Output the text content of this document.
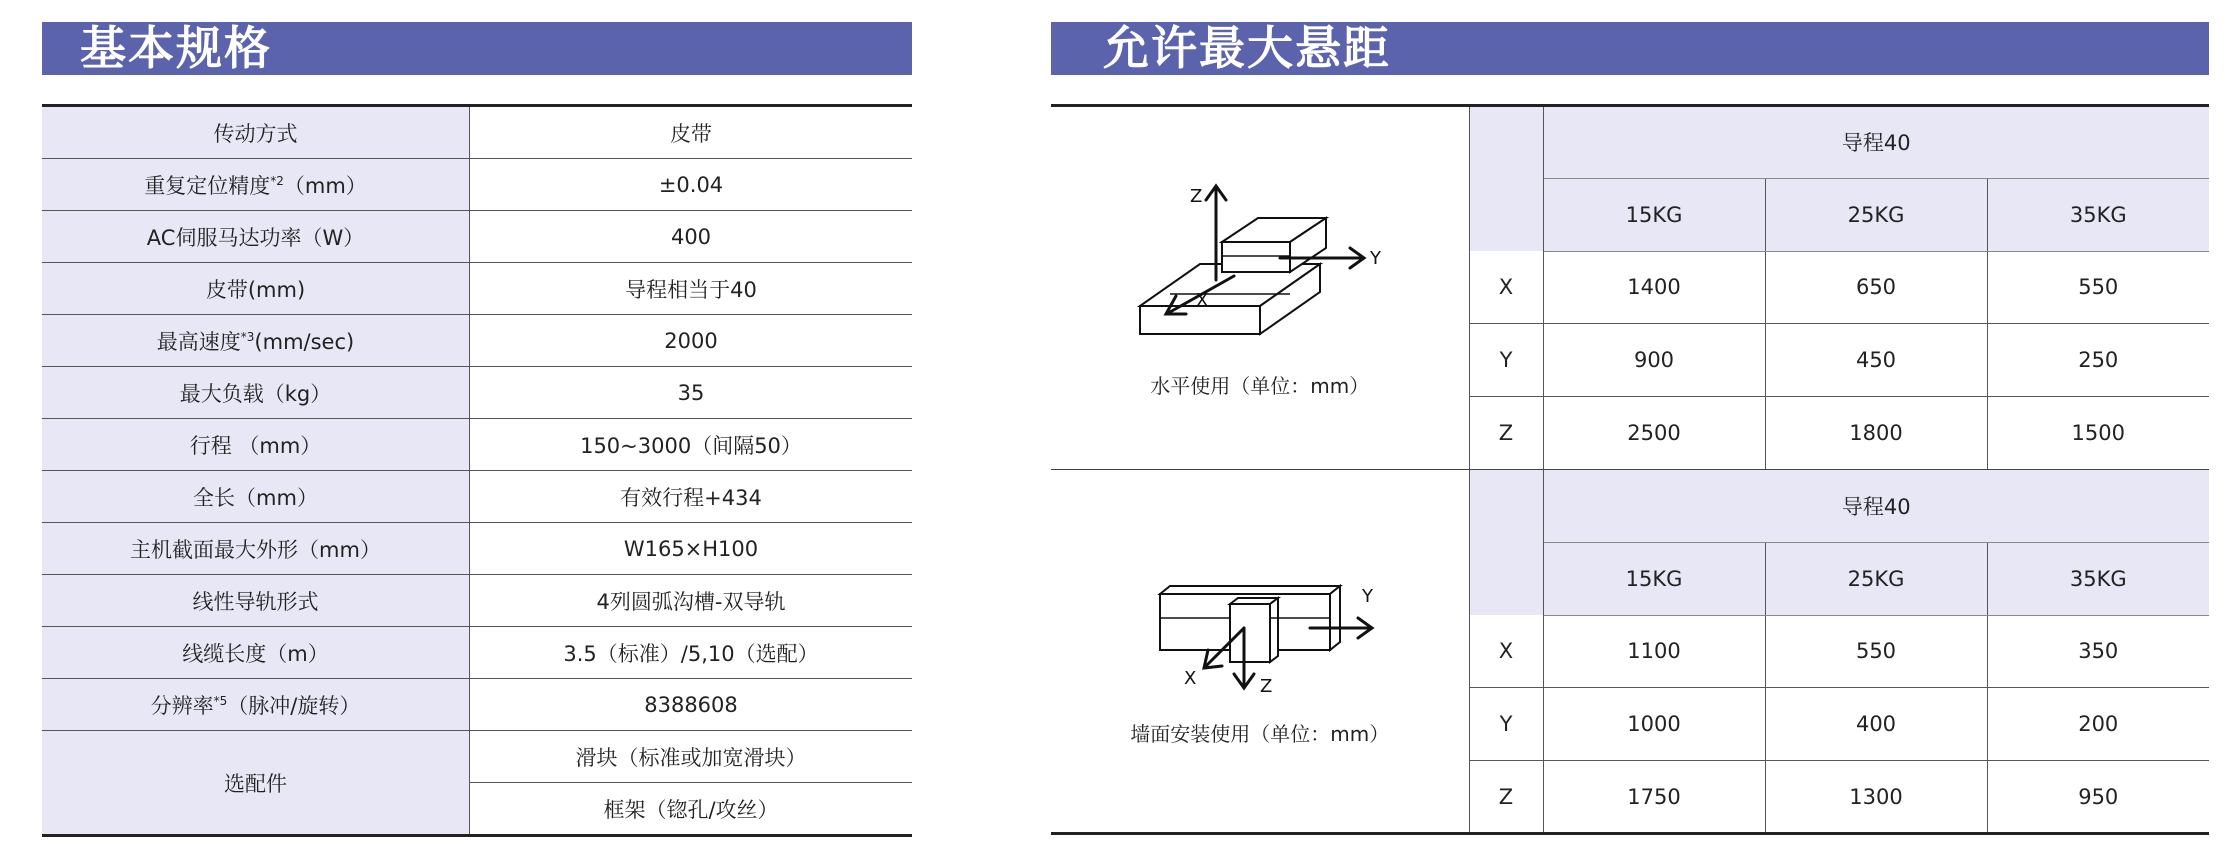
基本规格	允许最大悬距
传动方式	皮带
重复定位精度$^{*2}$（mm）	±0.04
AC伺服马达功率（W）	400
皮带(mm)	导程相当于40
最高速度$^{*3}$(mm/sec)	2000
最大负载（kg）	35
行程 （mm）	150~3000（间隔50）
全长（mm）	有效行程+434
主机截面最大外形（mm）	W165×H100
线性导轨形式	4列圆弧沟槽-双导轨
线缆长度（m）	3.5（标准）/5,10（选配）
分辨率$^{*5}$（脉冲/旋转）	8388608
选配件	滑块（标准或加宽滑块）
	框架（锪孔/攻丝）
Z
Y
X
水平使用（单位：mm）		导程40		
		15KG	25KG	35KG
	X	1400	650	550
	Y	900	450	250
	Z	2500	1800	1500

Y
Z
X
墙面安装使用（单位：mm）		导程40		
		15KG	25KG	35KG
	X	1100	550	350
	Y	1000	400	200
	Z	1750	1300	950
